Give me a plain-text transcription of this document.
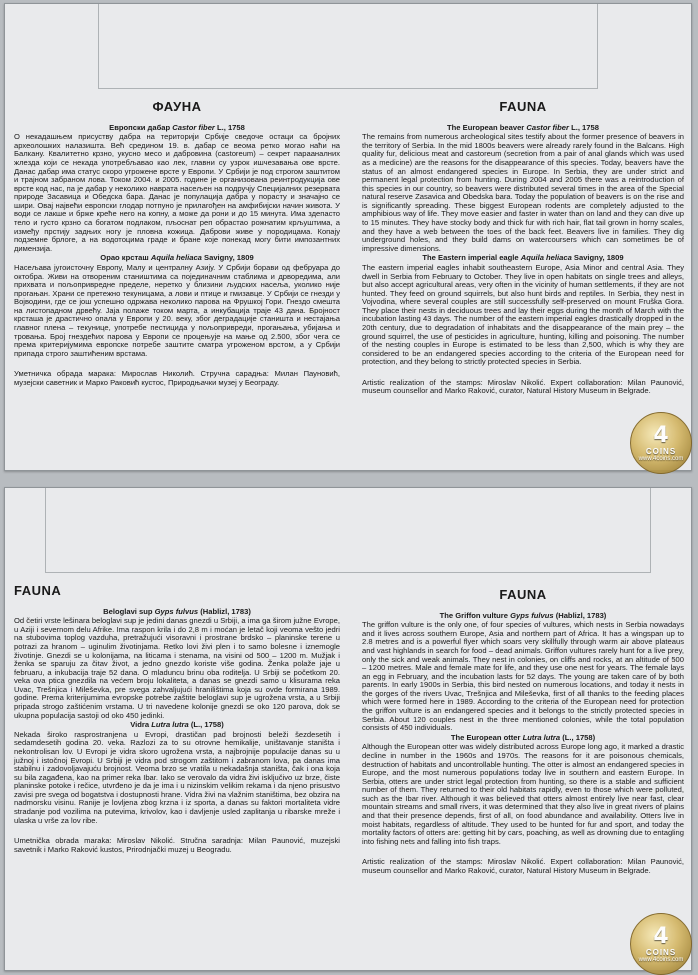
ФАУНА
Европски дабар Castor fiber L., 1758

О некадашњем присуству дабра на територији Србије сведоче остаци са бројних археолошких налазишта. Већ средином 19. в. дабар се веома ретко могао наћи на Балкану. Квалитетно крзно, укусно месо и дабровина (castoreum) – секрет парааналних жлезда који се некада употребљавао као лек, главни су узрок ишчезавања ове врсте. Данас дабар има статус скоро угрожене врсте у Европи. У Србији је под строгом заштитом и трајном забраном лова. Током 2004. и 2005. године је организована реинтродукција ове врсте код нас, па је дабар у неколико наврата насељен на подручју Специјалних резервата природе Засавица и Обедска бара. Данас је популација дабра у порасту и значајно се шири. Овај највећи европски глодар потпуно је прилагођен на амфибијски начин живота. У води се лакше и брже креће него на копну, а може да рони и до 15 минута. Има здепасто тело и густо крзно са богатом подлаком, пљоснат реп обрастао рожнатим крљуштима, а између прстију задњих ногу је пловна кожица. Даброви живе у породицама. Копају подземне брлоге, а на водотоцима граде и бране које понекад могу бити импозантних димензија.

Орао крсташ Aquila heliaca Savigny, 1809

Насељава југоисточну Европу, Малу и централну Азију. У Србији борави од фебруара до октобра. Живи на отвореним стаништима са појединачним стаблима и дрворедима, али прихвата и пољопривредне пределе, неретко у близини људских насеља, уколико није прогањан. Храни се претежно текуницама, а лови и птице и гмизавце. У Србији се гнезди у Војводини, где се још успешно одржава неколико парова на Фрушкој Гори. Гнездо смешта на листопадном дрвећу. Јаја полаже током марта, а инкубација траје 43 дана. Бројност крсташа је драстично опала у Европи у 20. веку, због деградације станишта и нестајања главног плена – текунице, употребе пестицида у пољопривреди, прогањања, убијања и тровања. Број гнездећих парова у Европи се процењује на мање од 2.500, због чега се према критеријумима европске потребе заштите сматра угроженом врстом, а у Србији припада строго заштићеним врстама.

Уметничка обрада марака: Мирослав Николић. Стручна сарадња: Милан Пауновић, музејски саветник и Марко Раковић кустос, Природњачки музеј у Београду.

FAUNA
The European beaver Castor fiber L., 1758

The remains from numerous archeological sites testify about the former presence of beavers in the territory of Serbia. In the mid 1800s beavers were already rarely found in the Balcans. High quality fur, delicious meat and castoreum (secretion from a pair of anal glands which was used as a medicine) are the reasons for the disappearance of this species. Today, beavers have the status of an almost endangered species in Europe. In Serbia, they are under strict and permanent legal protection from hunting. During 2004 and 2005 there was a reintroduction of this species in our country, so beavers were distributed several times in the area of the Special natural reserve Zasavica and Obedska bara. Today the population of beavers is on the rise and is significantly spreading. These biggest European rodents are completely adjusted to the amphibious way of life. They move easier and faster in water than on land and they can dive up to 15 minutes. They have stocky body and thick fur with rich hair, flat tail grown in horny scales, and they have a web between the toes of the back feet. Beavers live in families. They dig underground holes, and they build dams on watercoursers which can sometimes be of impressive dimensions.

The Eastern imperial eagle Aquila heliaca Savigny, 1809

The eastern imperial eagles inhabit southeastern Europe, Asia Minor and central Asia. They dwell in Serbia from February to October. They live in open habitats on single trees and alleys, but also accept agricultural areas, very often in the vicinity of human settlements, if they are not hunted. They feed on ground squirrels, but also hunt birds and reptiles. In Serbia, they nest in Vojvodina, where several couples are still successfully self-preserved on mount Fruška Gora. They place their nests in deciduous trees and lay their eggs during the month of March with the incubation lasting 43 days. The number of the eastern imperial eagles drastically dropped in the 20th century, due to degradation of inhabitats and the disappearance of the main prey – the ground squirrel, the use of pesticides in agriculture, hunting, killing and poisoning. The number of the nesting couples in Europe is estimated to be less than 2,500, which is why they are considered to be an endangered species according to the criteria of the European need for protection, and they belong to strictly protected species in Serbia.

Artistic realization of the stamps: Miroslav Nikolić. Expert collaboration: Milan Paunović, museum counsellor and Marko Raković, curator, Natural History Museum in Belgrade.

FAUNA
Beloglavi sup Gyps fulvus (Hablizl, 1783)

Od četiri vrste lešinara beloglavi sup je jedini danas gnezdi u Srbiji, a ima ga širom južne Evrope, u Aziji i severnom delu Afrike. Ima raspon krila i do 2,8 m i moćan je letač koji veoma vešto jedri na stubovima toplog vazduha, pretražujući visoravni i prostrane brdsko – planinske terene u potrazi za hranom – uginulim životinjama. Retko lovi živi plen i to samo bolesne i iznemogle životinje. Gnezdi se u kolonijama, na liticama i stenama, na visini od 500 – 1200 m. Mužjak i ženka se sparuju za čitav život, a jedno gnezdo koriste više godina. Ženka polaže jaje u februaru, a inkubacija traje 52 dana. O mladuncu brinu oba roditelja. U Srbiji se početkom 20. veka ova ptica gnezdila na većem broju lokaliteta, a danas se gnezdi samo u klisurama reka Uvac, Trešnjica i Mileševka, pre svega zahvaljujući hranilištima koja su ovde formirana 1989. godine. Prema kriterijumima evropske potrebe zaštite beloglavi sup je ugrožena vrsta, a u Srbiji pripada strogo zaštićenim vrstama. U tri navedene kolonije gnezdi se oko 120 parova, dok se ukupna populacija sastoji od oko 450 jedinki.

Vidra Lutra lutra (L., 1758)

Nekada široko rasprostranjena u Evropi, drastičan pad brojnosti beleži šezdesetih i sedamdesetih godina 20. veka. Razlozi za to su otrovne hemikalije, uništavanje staništa i nekontrolisan lov. U Evropi je vidra skoro ugrožena vrsta, a najbrojnije populacije danas su u južnoj i istočnoj Evropi. U Srbiji je vidra pod strogom zaštitom i zabranom lova, pa danas ima stabilnu i zadovoljavajuću brojnost. Veoma brzo se vratila u nekadašnja staništa, čak i ona koja su bila zagađena, kao na primer reka Ibar. Iako se verovalo da vidra živi isključivo uz brze, čiste planinske potoke i rečice, utvrđeno je da je ima i u nizinskim velikim rekama i da njeno prisustvo zavisi pre svega od bogatstva i dostupnosti hrane. Vidra živi na vlažnim staništima, bez obzira na nadmorsku visinu. Ranije je lovljena zbog krzna i iz sporta, a danas su faktori mortaliteta vidre stradanje pod vozilima na putevima, krivolov, kao i davljenje usled zaplitanja u ribarske mreže i ulaska u vrše za lov ribe.

Umetnička obrada maraka: Miroslav Nikolić. Stručna saradnja: Milan Paunović, muzejski savetnik i Marko Raković kustos, Prirodnjački muzej u Beogradu.

FAUNA
The Griffon vulture Gyps fulvus (Hablizl, 1783)

The griffon vulture is the only one, of four species of vultures, which nests in Serbia nowadays and it lives across southern Europe, Asia and northern part of Africa. It has a wingspan up to 2.8 metres and is a powerful flyer which soars very skillfully through warm air above plateaus and vast highlands in search for food – dead animals. Griffon vultures rarely hunt for a live prey, only the sick and weak animals. They nest in colonies, on cliffs and rocks, at an altitude of 500 – 1200 metres. Male and female mate for life, and they use one nest for years. The female lays an egg in February, and the incubation lasts for 52 days. The young are taken care of by both parents. In early 1900s in Serbia, this bird nested on numerous locations, and today it nests in the gorges of the rivers Uvac, Trešnjica and Mileševka, first of all thanks to the feeding places which were formed here in 1989. According to the criteria of the European need for protection the griffon vulture is an endangered species and it belongs to the strictly protected species in Serbia. About 120 couples nest in the three mentioned colonies, while the total population consists of 450 individuals.

The European otter Lutra lutra (L., 1758)

Although the European otter was widely distributed across Europe long ago, it marked a drastic decline in number in the 1960s and 1970s. The reasons for it are poisonous chemicals, destruction of habitats and uncontrollable hunting. The otter is almost an endangered species in Europe, and the most numerous populations today live in southern and eastern Europe. In Serbia, otters are under strict legal protection from hunting, so there is a stable and sufficient number of them. They returned to their old habitats rapidly, even to those which were polluted, such as the Ibar river. Although it was believed that otters almost entirely live near fast, clear mountain streams and small rivers, it was determined that they also live in great rivers of plains and that their presence depends, first of all, on food abundance and availability. Otters live in moist habitats, regardless of altitude. They used to be hunted for fur and sport, and today the mortality factors of otters are: getting hit by cars, poaching, as well as drowning due to entagling into fishing nets and falling into fish traps.

Artistic realization of the stamps: Miroslav Nikolić. Expert collaboration: Milan Paunović, museum counsellor and Marko Raković, curator, Natural History Museum in Belgrade.

4
COINS
www.4coins.com
4
COINS
www.4coins.com
